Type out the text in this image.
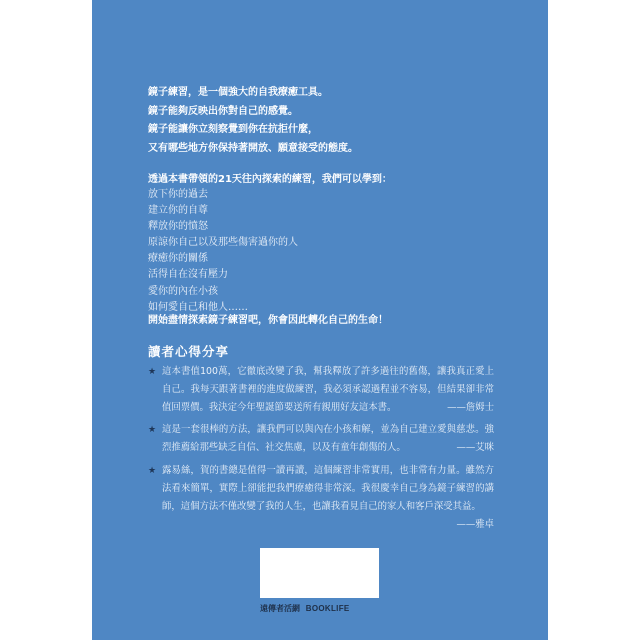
鏡子練習，是一個強大的自我療癒工具。
鏡子能夠反映出你對自己的感覺。
鏡子能讓你立刻察覺到你在抗拒什麼，
又有哪些地方你保持著開放、願意接受的態度。
透過本書帶領的21天往內探索的練習，我們可以學到：
放下你的過去
建立你的自尊
釋放你的憤怒
原諒你自己以及那些傷害過你的人
療癒你的關係
活得自在沒有壓力
愛你的內在小孩
如何愛自己和他人……
開始盡情探索鏡子練習吧，你會因此轉化自己的生命！
讀者心得分享
★ 這本書值100萬，它徹底改變了我，幫我釋放了許多過往的舊傷，讓我真正愛上自己。我每天跟著書裡的進度做練習，我必須承認過程並不容易，但結果卻非常值回票價。我決定今年聖誕節要送所有親朋好友這本書。	——詹姆士
★ 這是一套很棒的方法，讓我們可以與內在小孩和解，並為自己建立愛與慈悲。強烈推薦給那些缺乏自信、社交焦慮，以及有童年創傷的人。	——艾咪
★ 露易絲，賀的書總是值得一讀再讀，這個練習非常實用，也非常有力量。雖然方法看來簡單，實際上卻能把我們療癒得非常深。我很慶幸自己身為鏡子練習的講師，這個方法不僅改變了我的人生，也讓我看見自己的家人和客戶深受其益。
——雅卓
遠傳者活網 BOOKLIFE
